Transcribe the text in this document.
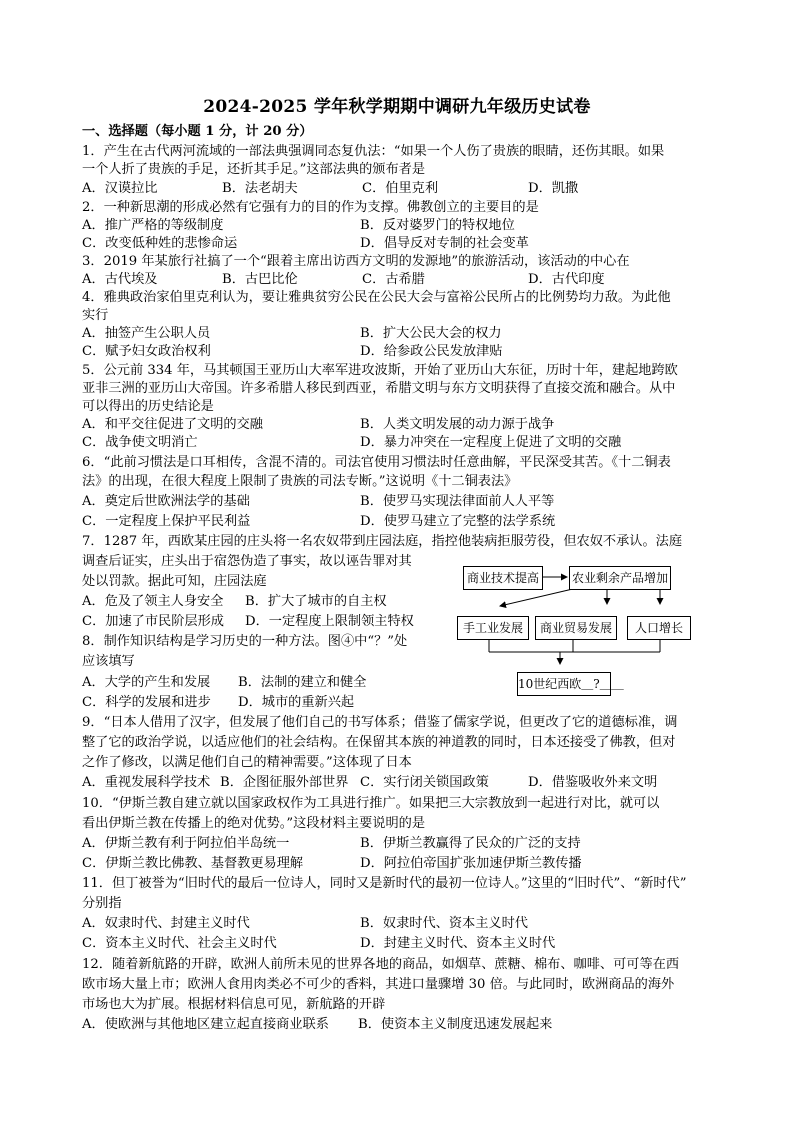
2024-2025 学年秋学期期中调研九年级历史试卷
一、选择题（每小题 1 分，计 20 分）
1．产生在古代两河流域的一部法典强调同态复仇法：“如果一个人伤了贵族的眼睛，还伤其眼。如果
一个人折了贵族的手足，还折其手足。”这部法典的颁布者是
A．汉谟拉比	B．法老胡夫	C．伯里克利	D．凯撒
2．一种新思潮的形成必然有它强有力的目的作为支撑。佛教创立的主要目的是
A．推广严格的等级制度	B．反对婆罗门的特权地位
C．改变低种姓的悲惨命运	D．倡导反对专制的社会变革
3．2019 年某旅行社搞了一个“跟着主席出访西方文明的发源地”的旅游活动，该活动的中心在
A．古代埃及	B．古巴比伦	C．古希腊	D．古代印度
4．雅典政治家伯里克利认为，要让雅典贫穷公民在公民大会与富裕公民所占的比例势均力敌。为此他
实行
A．抽签产生公职人员	B．扩大公民大会的权力
C．赋予妇女政治权利	D．给参政公民发放津贴
5．公元前 334 年，马其顿国王亚历山大率军进攻波斯，开始了亚历山大东征，历时十年，建起地跨欧
亚非三洲的亚历山大帝国。许多希腊人移民到西亚，希腊文明与东方文明获得了直接交流和融合。从中
可以得出的历史结论是
A．和平交往促进了文明的交融	B．人类文明发展的动力源于战争
C．战争使文明消亡	D．暴力冲突在一定程度上促进了文明的交融
6．“此前习惯法是口耳相传，含混不清的。司法官使用习惯法时任意曲解，平民深受其苦。《十二铜表
法》的出现，在很大程度上限制了贵族的司法专断。”这说明《十二铜表法》
A．奠定后世欧洲法学的基础	B．使罗马实现法律面前人人平等
C．一定程度上保护平民利益	D．使罗马建立了完整的法学系统
7．1287 年，西欧某庄园的庄头将一名农奴带到庄园法庭，指控他装病拒服劳役，但农奴不承认。法庭
调查后证实，庄头出于宿怨伪造了事实，故以诬告罪对其
处以罚款。据此可知，庄园法庭
A．危及了领主人身安全 B．扩大了城市的自主权
C．加速了市民阶层形成 D．一定程度上限制领主特权
8．制作知识结构是学习历史的一种方法。图④中“？”处
应该填写
A．大学的产生和发展 B．法制的建立和健全
C．科学的发展和进步 D．城市的重新兴起
商业技术提高	农业剩余产品增加
手工业发展	商业贸易发展	人口增长
10世纪西欧＿?＿＿
9．“日本人借用了汉字，但发展了他们自己的书写体系；借鉴了儒家学说，但更改了它的道德标准，调
整了它的政治学说，以适应他们的社会结构。在保留其本族的神道教的同时，日本还接受了佛教，但对
之作了修改，以满足他们自己的精神需要。”这体现了日本
A．重视发展科学技术 B．企图征服外部世界 C．实行闭关锁国政策	D．借鉴吸收外来文明
10．“伊斯兰教自建立就以国家政权作为工具进行推广。如果把三大宗教放到一起进行对比，就可以
看出伊斯兰教在传播上的绝对优势。”这段材料主要说明的是
A．伊斯兰教有利于阿拉伯半岛统一	B．伊斯兰教赢得了民众的广泛的支持
C．伊斯兰教比佛教、基督教更易理解	D．阿拉伯帝国扩张加速伊斯兰教传播
11．但丁被誉为“旧时代的最后一位诗人，同时又是新时代的最初一位诗人。”这里的“旧时代”、“新时代”
分别指
A．奴隶时代、封建主义时代	B．奴隶时代、资本主义时代
C．资本主义时代、社会主义时代	D．封建主义时代、资本主义时代
12．随着新航路的开辟，欧洲人前所未见的世界各地的商品，如烟草、蔗糖、棉布、咖啡、可可等在西
欧市场大量上市；欧洲人食用肉类必不可少的香料，其进口量骤增 30 倍。与此同时，欧洲商品的海外
市场也大为扩展。根据材料信息可见，新航路的开辟
A．使欧洲与其他地区建立起直接商业联系 B．使资本主义制度迅速发展起来
